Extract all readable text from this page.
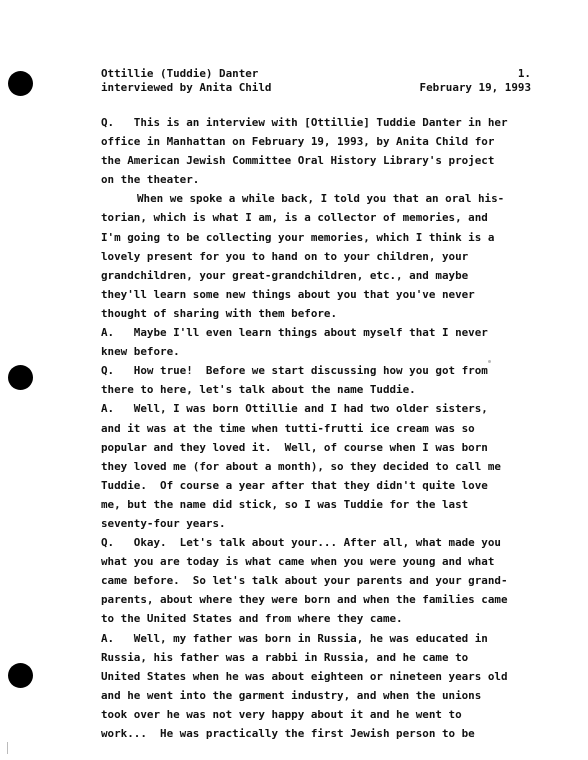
Ottillie (Tuddie) Danter	1.
interviewed by Anita Child	February 19, 1993
Q.   This is an interview with [Ottillie] Tuddie Danter in her
office in Manhattan on February 19, 1993, by Anita Child for
the American Jewish Committee Oral History Library's project
on the theater.
When we spoke a while back, I told you that an oral his-
torian, which is what I am, is a collector of memories, and
I'm going to be collecting your memories, which I think is a
lovely present for you to hand on to your children, your
grandchildren, your great-grandchildren, etc., and maybe
they'll learn some new things about you that you've never
thought of sharing with them before.
A.   Maybe I'll even learn things about myself that I never
knew before.
Q.   How true!  Before we start discussing how you got from
there to here, let's talk about the name Tuddie.
A.   Well, I was born Ottillie and I had two older sisters,
and it was at the time when tutti-frutti ice cream was so
popular and they loved it.  Well, of course when I was born
they loved me (for about a month), so they decided to call me
Tuddie.  Of course a year after that they didn't quite love
me, but the name did stick, so I was Tuddie for the last
seventy-four years.
Q.   Okay.  Let's talk about your... After all, what made you
what you are today is what came when you were young and what
came before.  So let's talk about your parents and your grand-
parents, about where they were born and when the families came
to the United States and from where they came.
A.   Well, my father was born in Russia, he was educated in
Russia, his father was a rabbi in Russia, and he came to
United States when he was about eighteen or nineteen years old
and he went into the garment industry, and when the unions
took over he was not very happy about it and he went to
work...  He was practically the first Jewish person to be
